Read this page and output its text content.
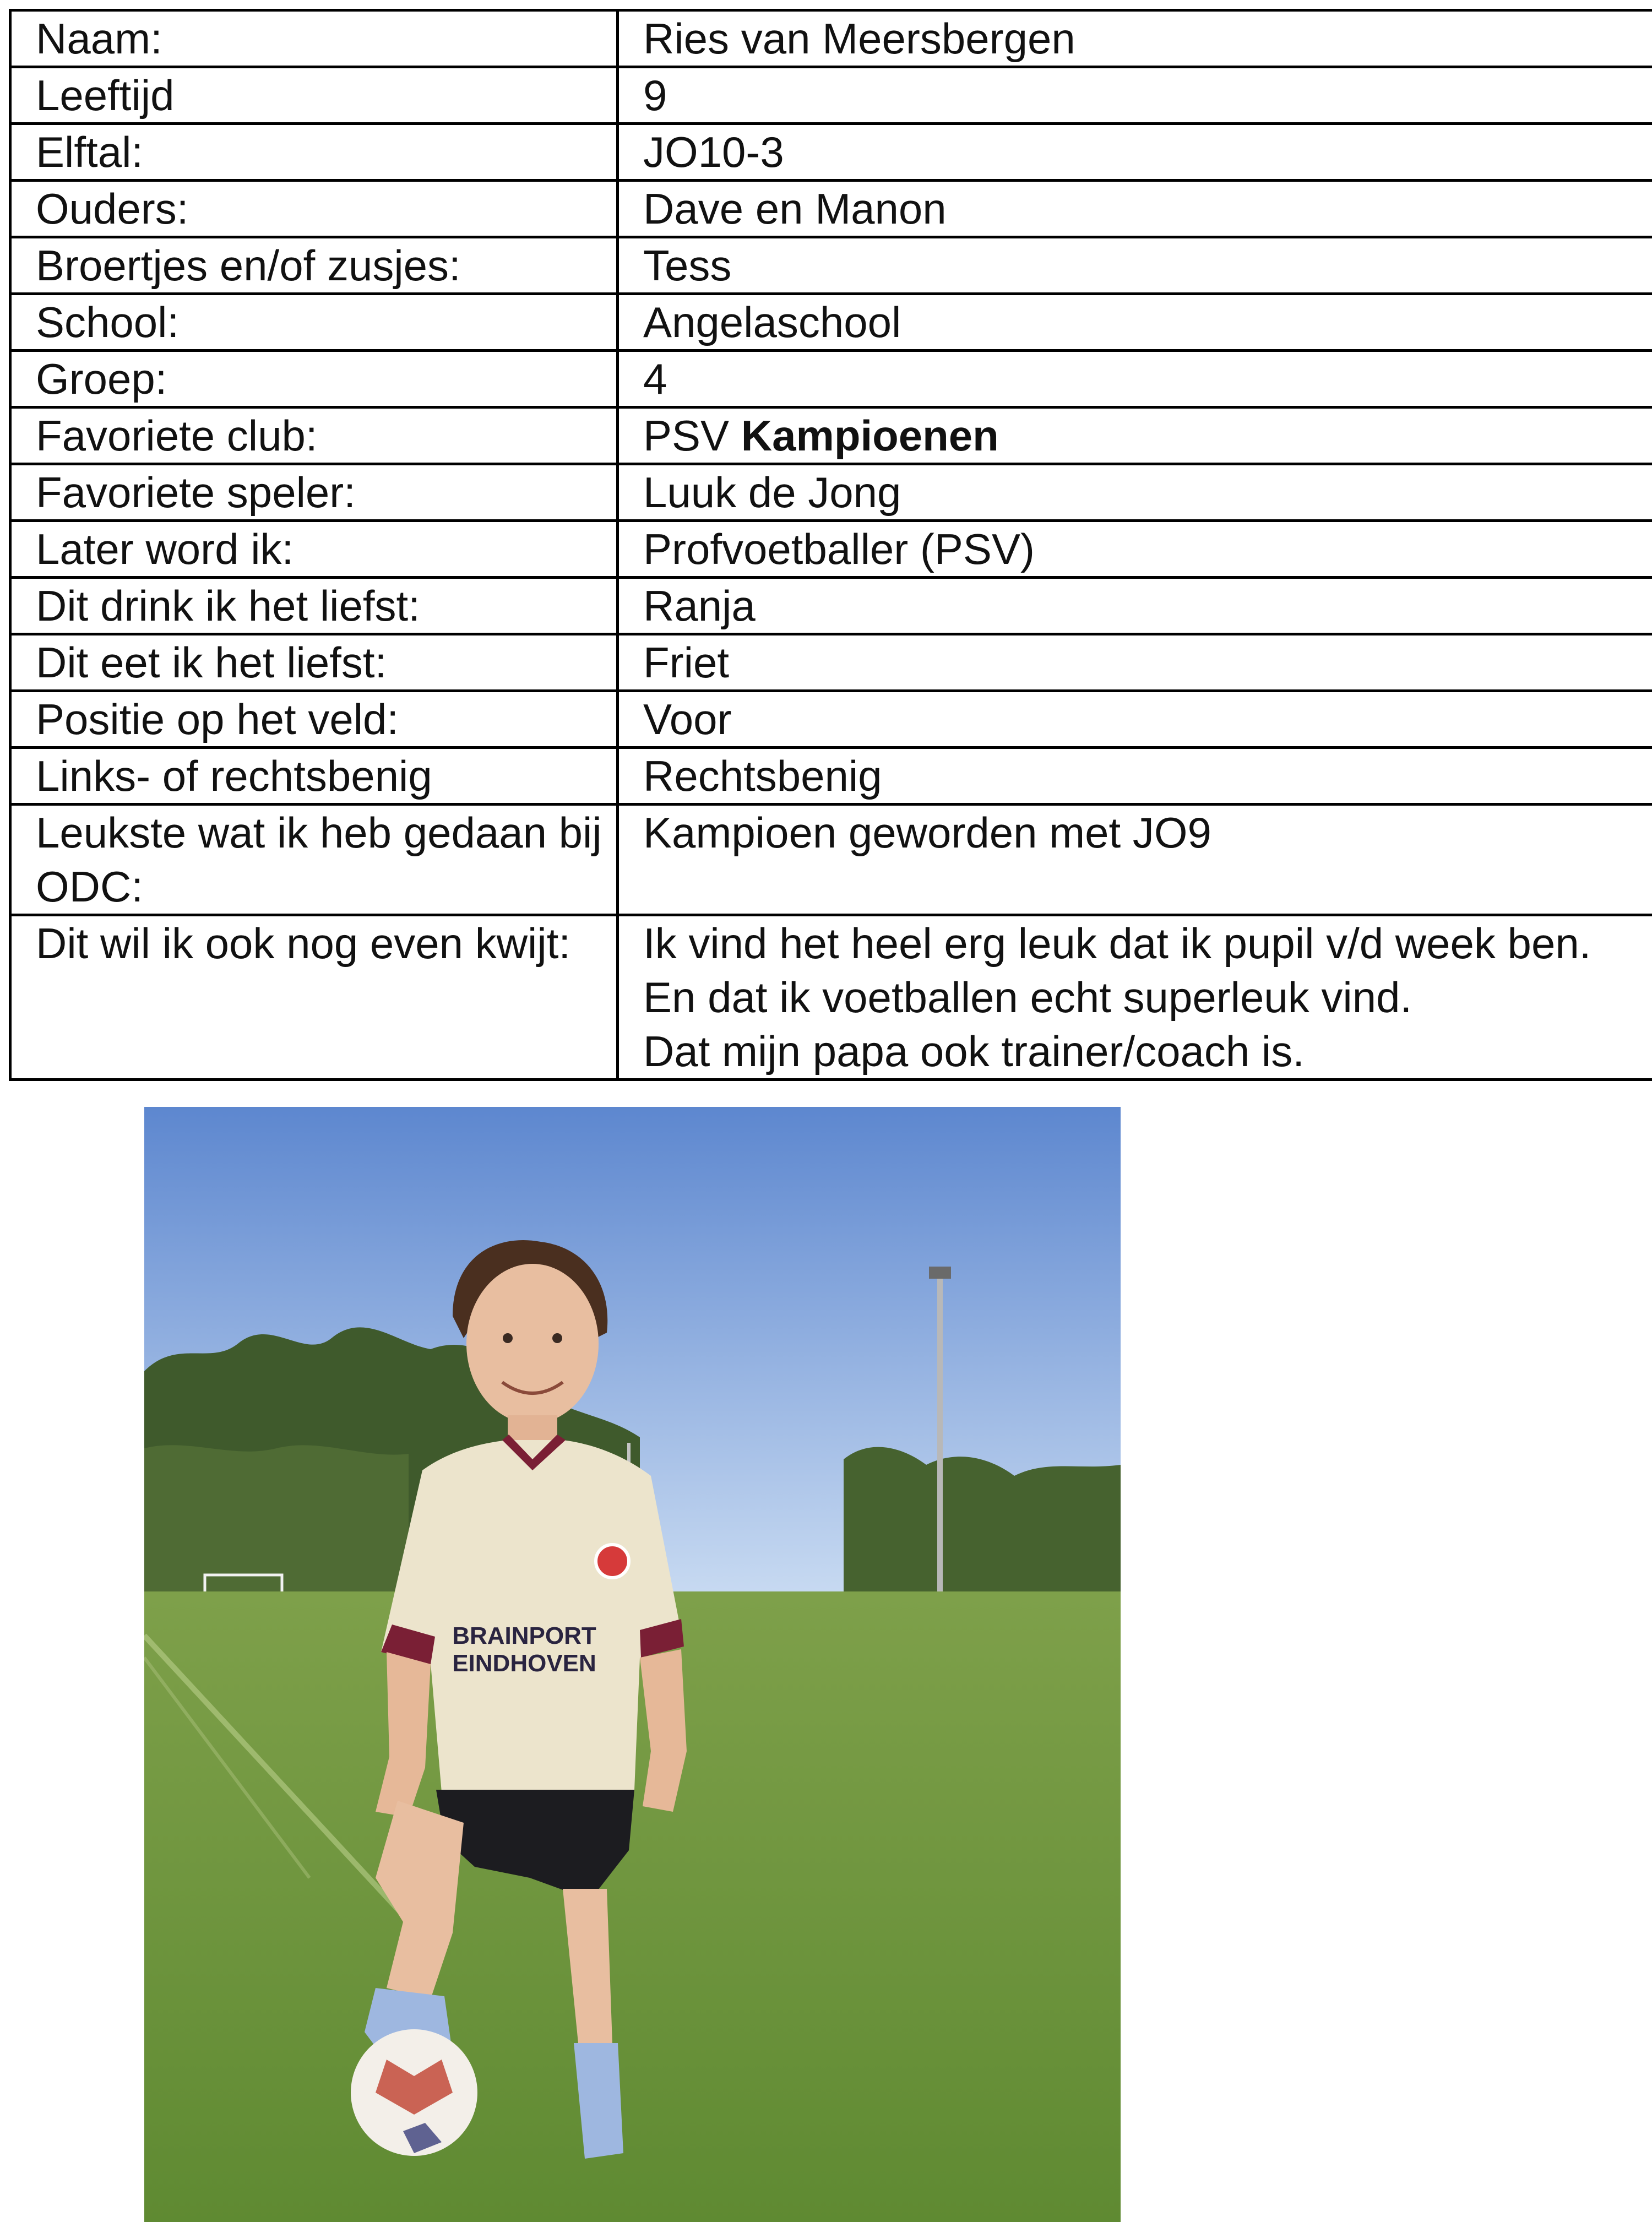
Naam:	Ries van Meersbergen
Leeftijd	9
Elftal:	JO10-3
Ouders:	Dave en Manon
Broertjes en/of zusjes:	Tess
School:	Angelaschool
Groep:	4
Favoriete club:	PSV Kampioenen
Favoriete speler:	Luuk de Jong
Later word ik:	Profvoetballer (PSV)
Dit drink ik het liefst:	Ranja
Dit eet ik het liefst:	Friet
Positie op het veld:	Voor
Links- of rechtsbenig	Rechtsbenig
Leukste wat ik heb gedaan bij ODC:	Kampioen geworden met JO9
Dit wil ik ook nog even kwijt:	Ik vind het heel erg leuk dat ik pupil v/d week ben.
En dat ik voetballen echt superleuk vind.
Dat mijn papa ook trainer/coach is.
BRAINPORT
EINDHOVEN
